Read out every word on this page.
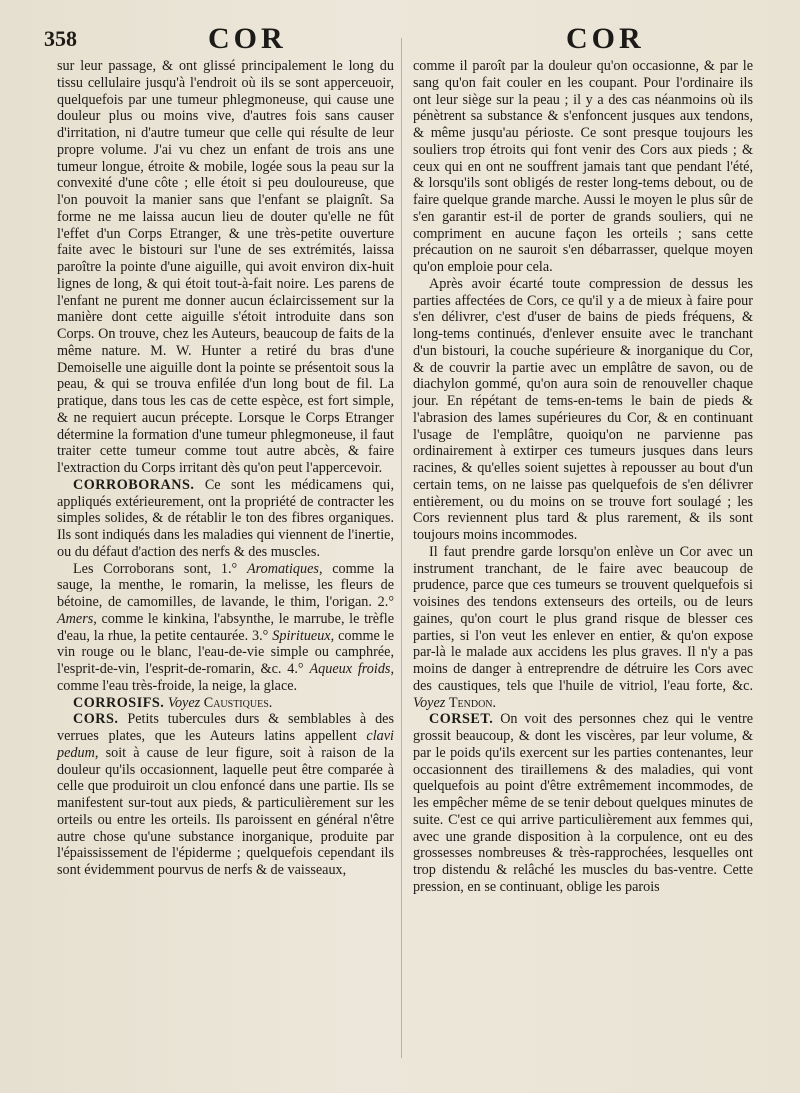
358	COR	COR

sur leur passage, & ont glissé principalement le long du tissu cellulaire jusqu'à l'endroit où ils se sont apperceuoir, quelquefois par une tumeur phlegmoneuse, qui cause une douleur plus ou moins vive, d'autres fois sans causer d'irritation, ni d'autre tumeur que celle qui résulte de leur propre volume. J'ai vu chez un enfant de trois ans une tumeur longue, étroite & mobile, logée sous la peau sur la convexité d'une côte ; elle étoit si peu douloureuse, que l'on pouvoit la manier sans que l'enfant se plaignît. Sa forme ne me laissa aucun lieu de douter qu'elle ne fût l'effet d'un Corps Etranger, & une très-petite ouverture faite avec le bistouri sur l'une de ses extrémités, laissa paroître la pointe d'une aiguille, qui avoit environ dix-huit lignes de long, & qui étoit tout-à-fait noire. Les parens de l'enfant ne purent me donner aucun éclaircissement sur la manière dont cette aiguille s'étoit introduite dans son Corps. On trouve, chez les Auteurs, beaucoup de faits de la même nature. M. W. Hunter a retiré du bras d'une Demoiselle une aiguille dont la pointe se présentoit sous la peau, & qui se trouva enfilée d'un long bout de fil. La pratique, dans tous les cas de cette espèce, est fort simple, & ne requiert aucun précepte. Lorsque le Corps Etranger détermine la formation d'une tumeur phlegmoneuse, il faut traiter cette tumeur comme tout autre abcès, & faire l'extraction du Corps irritant dès qu'on peut l'appercevoir.

CORROBORANS. Ce sont les médicamens qui, appliqués extérieurement, ont la propriété de contracter les simples solides, & de rétablir le ton des fibres organiques. Ils sont indiqués dans les maladies qui viennent de l'inertie, ou du défaut d'action des nerfs & des muscles.

Les Corroborans sont, 1.° Aromatiques, comme la sauge, la menthe, le romarin, la melisse, les fleurs de bétoine, de camomilles, de lavande, le thim, l'origan. 2.° Amers, comme le kinkina, l'absynthe, le marrube, le trèfle d'eau, la rhue, la petite centaurée. 3.° Spiritueux, comme le vin rouge ou le blanc, l'eau-de-vie simple ou camphrée, l'esprit-de-vin, l'esprit-de-romarin, &c. 4.° Aqueux froids, comme l'eau très-froide, la neige, la glace.

CORROSIFS. Voyez Caustiques.

CORS. Petits tubercules durs & semblables à des verrues plates, que les Auteurs latins appellent clavi pedum, soit à cause de leur figure, soit à raison de la douleur qu'ils occasionnent, laquelle peut être comparée à celle que produiroit un clou enfoncé dans une partie. Ils se manifestent sur-tout aux pieds, & particulièrement sur les orteils ou entre les orteils. Ils paroissent en général n'être autre chose qu'une substance inorganique, produite par l'épaississement de l'épiderme ; quelquefois cependant ils sont évidemment pourvus de nerfs & de vaisseaux,

comme il paroît par la douleur qu'on occasionne, & par le sang qu'on fait couler en les coupant. Pour l'ordinaire ils ont leur siège sur la peau ; il y a des cas néanmoins où ils pénètrent sa substance & s'enfoncent jusques aux tendons, & même jusqu'au périoste. Ce sont presque toujours les souliers trop étroits qui font venir des Cors aux pieds ; & ceux qui en ont ne souffrent jamais tant que pendant l'été, & lorsqu'ils sont obligés de rester long-tems debout, ou de faire quelque grande marche. Aussi le moyen le plus sûr de s'en garantir est-il de porter de grands souliers, qui ne compriment en aucune façon les orteils ; sans cette précaution on ne sauroit s'en débarrasser, quelque moyen qu'on emploie pour cela.

Après avoir écarté toute compression de dessus les parties affectées de Cors, ce qu'il y a de mieux à faire pour s'en délivrer, c'est d'user de bains de pieds fréquens, & long-tems continués, d'enlever ensuite avec le tranchant d'un bistouri, la couche supérieure & inorganique du Cor, & de couvrir la partie avec un emplâtre de savon, ou de diachylon gommé, qu'on aura soin de renouveller chaque jour. En répétant de tems-en-tems le bain de pieds & l'abrasion des lames supérieures du Cor, & en continuant l'usage de l'emplâtre, quoiqu'on ne parvienne pas ordinairement à extirper ces tumeurs jusques dans leurs racines, & qu'elles soient sujettes à repousser au bout d'un certain tems, on ne laisse pas quelquefois de s'en délivrer entièrement, ou du moins on se trouve fort soulagé ; les Cors reviennent plus tard & plus rarement, & ils sont toujours moins incommodes.

Il faut prendre garde lorsqu'on enlève un Cor avec un instrument tranchant, de le faire avec beaucoup de prudence, parce que ces tumeurs se trouvent quelquefois si voisines des tendons extenseurs des orteils, ou de leurs gaines, qu'on court le plus grand risque de blesser ces parties, si l'on veut les enlever en entier, & qu'on expose par-là le malade aux accidens les plus graves. Il n'y a pas moins de danger à entreprendre de détruire les Cors avec des caustiques, tels que l'huile de vitriol, l'eau forte, &c. Voyez Tendon.

CORSET. On voit des personnes chez qui le ventre grossit beaucoup, & dont les viscères, par leur volume, & par le poids qu'ils exercent sur les parties contenantes, leur occasionnent des tiraillemens & des maladies, qui vont quelquefois au point d'être extrêmement incommodes, de les empêcher même de se tenir debout quelques minutes de suite. C'est ce qui arrive particulièrement aux femmes qui, avec une grande disposition à la corpulence, ont eu des grossesses nombreuses & très-rapprochées, lesquelles ont trop distendu & relâché les muscles du bas-ventre. Cette pression, en se continuant, oblige les parois
